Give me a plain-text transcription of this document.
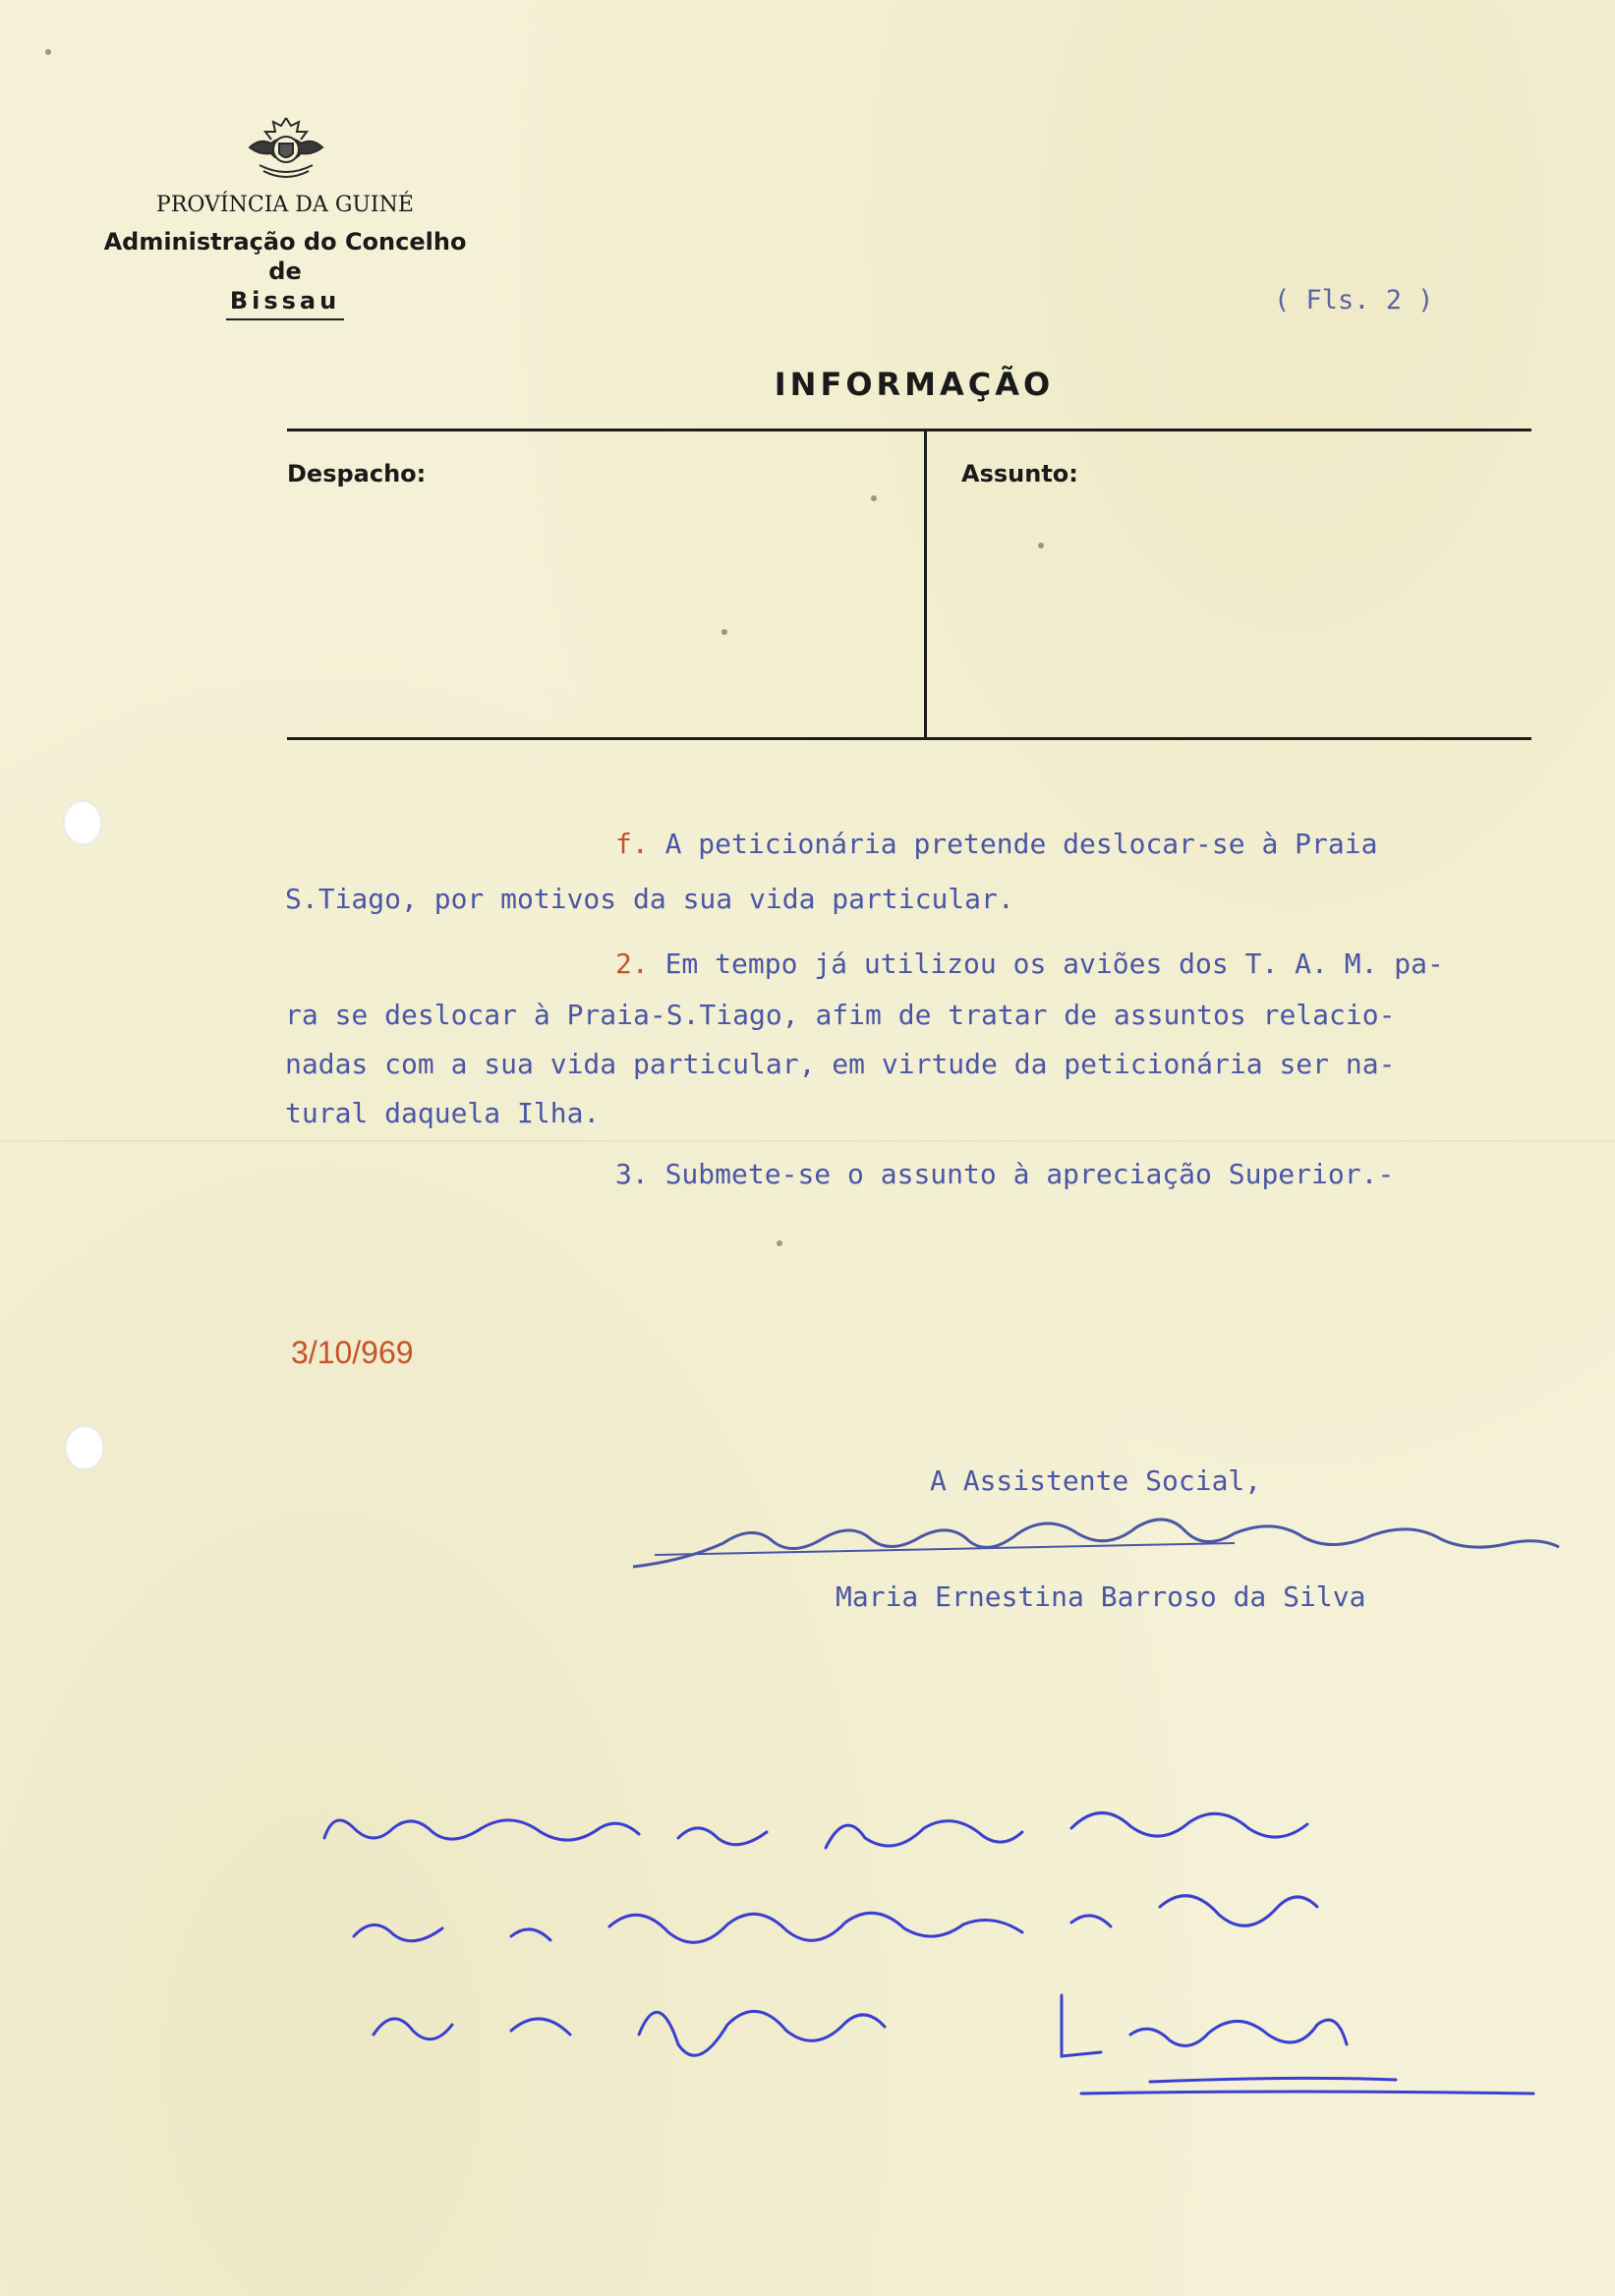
PROVÍNCIA DA GUINÉ
Administração do Concelho
de
Bissau	( Fls. 2 )
INFORMAÇÃO
Despacho:	Assunto:
f. A peticionária pretende deslocar-se à Praia
S.Tiago, por motivos da sua vida particular.
2. Em tempo já utilizou os aviões dos T. A. M. pa-
ra se deslocar à Praia-S.Tiago, afim de tratar de assuntos relacio-
nadas com a sua vida particular, em virtude da peticionária ser na-
tural daquela Ilha.
3. Submete-se o assunto à apreciação Superior.-
3/10/969
A Assistente Social,
Maria Ernestina Barroso da Silva
